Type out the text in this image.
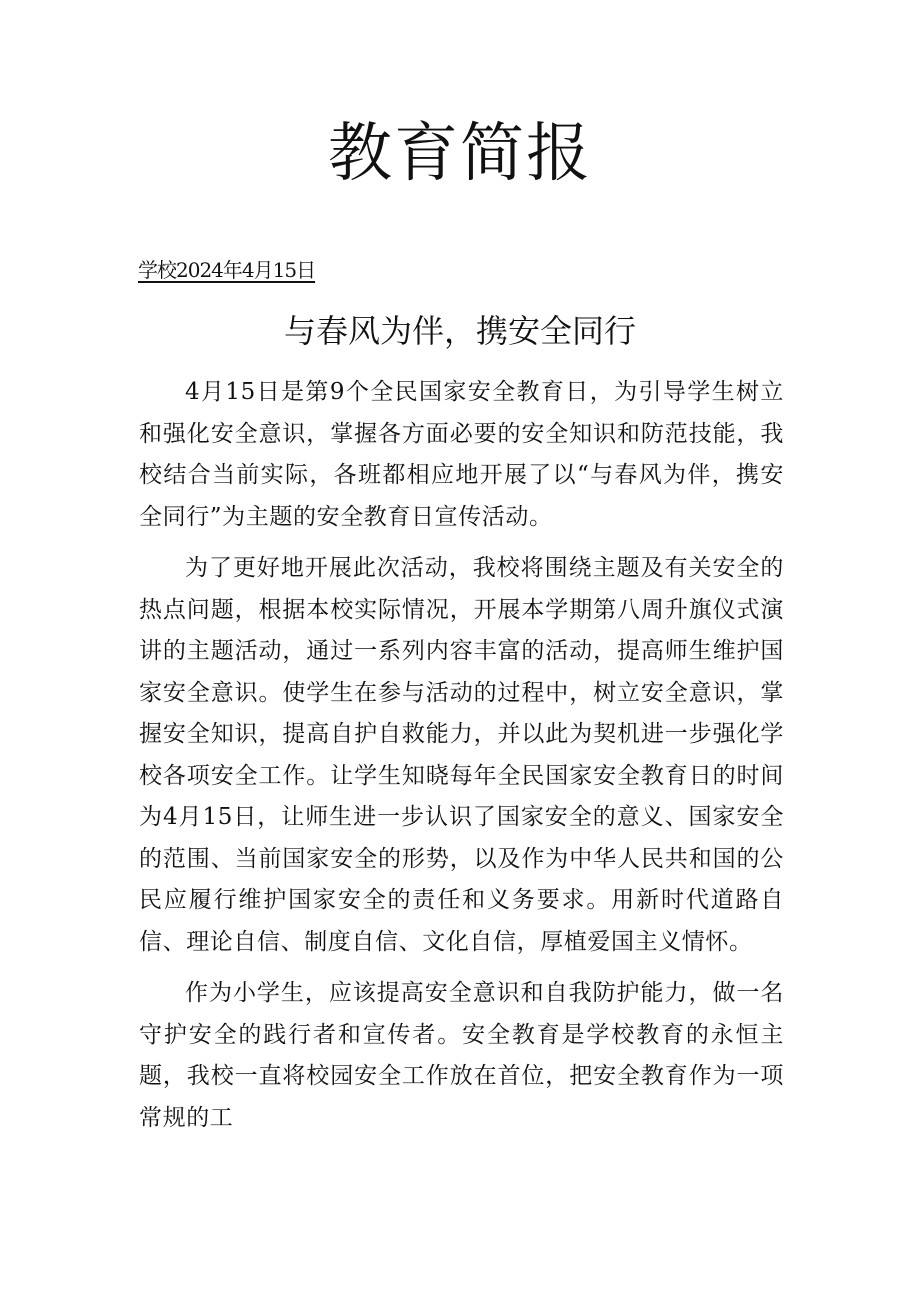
教育简报

学校2024年4月15日

与春风为伴，携安全同行

4月15日是第9个全民国家安全教育日，为引导学生树立和强化安全意识，掌握各方面必要的安全知识和防范技能，我校结合当前实际，各班都相应地开展了以“与春风为伴，携安全同行”为主题的安全教育日宣传活动。

为了更好地开展此次活动，我校将围绕主题及有关安全的热点问题，根据本校实际情况，开展本学期第八周升旗仪式演讲的主题活动，通过一系列内容丰富的活动，提高师生维护国家安全意识。使学生在参与活动的过程中，树立安全意识，掌握安全知识，提高自护自救能力，并以此为契机进一步强化学校各项安全工作。让学生知晓每年全民国家安全教育日的时间为4月15日，让师生进一步认识了国家安全的意义、国家安全的范围、当前国家安全的形势，以及作为中华人民共和国的公民应履行维护国家安全的责任和义务要求。用新时代道路自信、理论自信、制度自信、文化自信，厚植爱国主义情怀。

作为小学生，应该提高安全意识和自我防护能力，做一名守护安全的践行者和宣传者。安全教育是学校教育的永恒主题，我校一直将校园安全工作放在首位，把安全教育作为一项常规的工
